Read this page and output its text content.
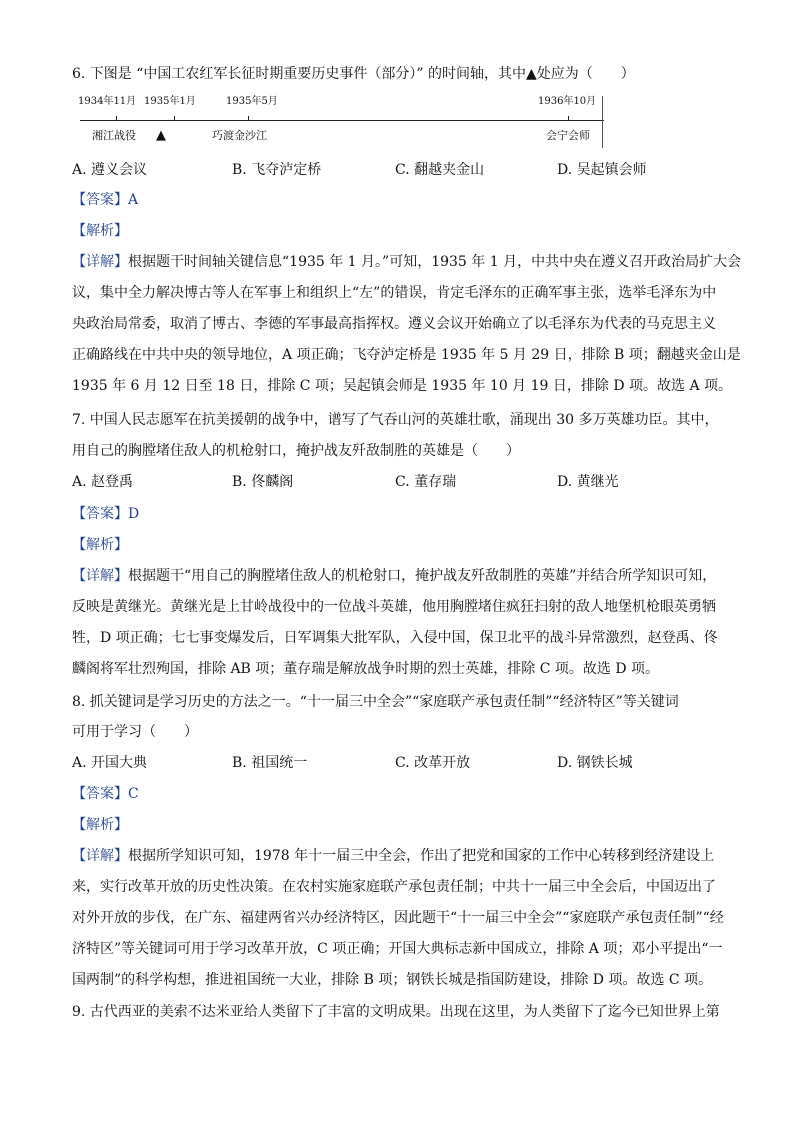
6. 下图是 “中国工农红军长征时期重要历史事件（部分）” 的时间轴，其中▲处应为（　　）
1934年11月 1935年1月	1935年5月	1936年10月
湘江战役 ▲	巧渡金沙江	会宁会师
A. 遵义会议	B. 飞夺泸定桥	C. 翻越夹金山	D. 吴起镇会师
【答案】A
【解析】
【详解】根据题干时间轴关键信息“1935 年 1 月。”可知，1935 年 1 月，中共中央在遵义召开政治局扩大会
议，集中全力解决博古等人在军事上和组织上“左”的错误，肯定毛泽东的正确军事主张，选举毛泽东为中
央政治局常委，取消了博古、李德的军事最高指挥权。遵义会议开始确立了以毛泽东为代表的马克思主义
正确路线在中共中央的领导地位，A 项正确；飞夺泸定桥是 1935 年 5 月 29 日，排除 B 项；翻越夹金山是
1935 年 6 月 12 日至 18 日，排除 C 项；吴起镇会师是 1935 年 10 月 19 日，排除 D 项。故选 A 项。
7. 中国人民志愿军在抗美援朝的战争中，谱写了气吞山河的英雄壮歌，涌现出 30 多万英雄功臣。其中，
用自己的胸膛堵住敌人的机枪射口，掩护战友歼敌制胜的英雄是（　　）
A. 赵登禹	B. 佟麟阁	C. 董存瑞	D. 黄继光
【答案】D
【解析】
【详解】根据题干“用自己的胸膛堵住敌人的机枪射口，掩护战友歼敌制胜的英雄”并结合所学知识可知，
反映是黄继光。黄继光是上甘岭战役中的一位战斗英雄，他用胸膛堵住疯狂扫射的敌人地堡机枪眼英勇牺
牲，D 项正确；七七事变爆发后，日军调集大批军队，入侵中国，保卫北平的战斗异常激烈，赵登禹、佟
麟阁将军壮烈殉国，排除 AB 项；董存瑞是解放战争时期的烈士英雄，排除 C 项。故选 D 项。
8. 抓关键词是学习历史的方法之一。“十一届三中全会”“家庭联产承包责任制”“经济特区”等关键词
可用于学习（　　）
A. 开国大典	B. 祖国统一	C. 改革开放	D. 钢铁长城
【答案】C
【解析】
【详解】根据所学知识可知，1978 年十一届三中全会，作出了把党和国家的工作中心转移到经济建设上
来，实行改革开放的历史性决策。在农村实施家庭联产承包责任制；中共十一届三中全会后，中国迈出了
对外开放的步伐，在广东、福建两省兴办经济特区，因此题干“十一届三中全会”“家庭联产承包责任制”“经
济特区”等关键词可用于学习改革开放，C 项正确；开国大典标志新中国成立，排除 A 项；邓小平提出“一
国两制”的科学构想，推进祖国统一大业，排除 B 项；钢铁长城是指国防建设，排除 D 项。故选 C 项。
9. 古代西亚的美索不达米亚给人类留下了丰富的文明成果。出现在这里，为人类留下了迄今已知世界上第
